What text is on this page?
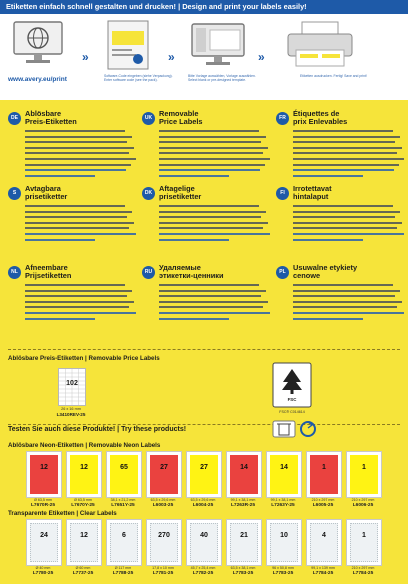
Etiketten einfach schnell gestalten und drucken! | Design and print your labels easily!
www.avery.eu/print
»
Software-Code eingeben (siehe Verpackung). Enter software code (see the pack).
»
Bitte Vorlage auswählen, Vorlage auswählen. Select blank or pre-designed template.
»
Etiketten ausdrucken. Fertig! Save and print!
DE Ablösbare
Preis-Etiketten	UK Removable
Price Labels	FR Étiquettes de
prix Enlevables
S	Avtagbara
prisetiketter	DK Aftagelige
prisetiketter	FI	Irrotettavat
hintalaput
NL Afneembare
Prijsetiketten	RU Удаляемые
этикетки-ценники	PL Usuwalne etykiety
cenowe
Ablösbare Preis-Etiketten | Removable Price Labels
102
26 x 16 mm
L3410REV-25
FSC
FSC® C014614
Testen Sie auch diese Produkte! | Try these products!
Ablösbare Neon-Etiketten | Removable Neon Labels
12
Ø 63,5 mm
L7670R-25
12
Ø 63,5 mm
L7670Y-25
65
38,1 x 21,2 mm
L7651Y-25
27
63,5 x 29,6 mm
L6003-25
27
63,5 x 29,6 mm
L6004-25
14
99,1 x 38,1 mm
L7263R-25
14
99,1 x 38,1 mm
L7263Y-25
1
210 x 297 mm
L6005-25
1
210 x 297 mm
L6006-25
Transparente Etiketten | Clear Labels
24
Ø 40 mm
L7780-25
12
Ø 60 mm
L7737-25
6
Ø 117 mm
L7788-25
270
17,8 x 10 mm
L7781-25
40
45,7 x 25,4 mm
L7782-25
21
63,5 x 38,1 mm
L7783-25
10
96 x 50,8 mm
L7783-25
4
99,1 x 139 mm
L7784-25
1
210 x 297 mm
L7784-25
